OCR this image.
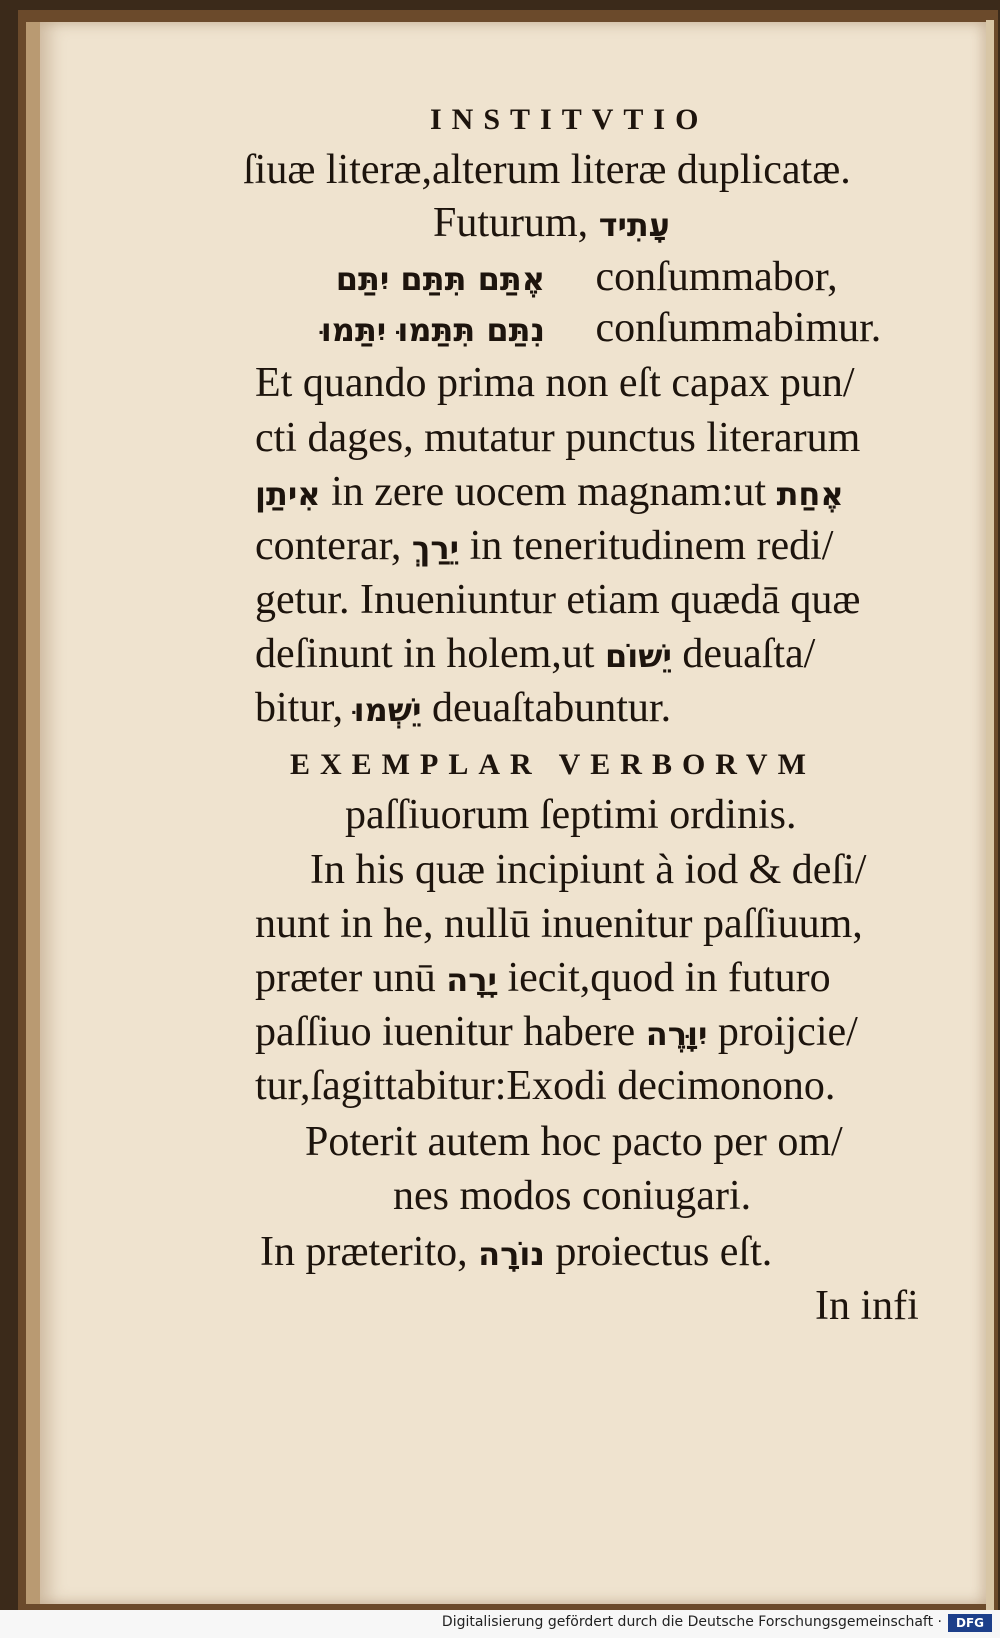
INSTITVTIO
ſiuæ literæ,alterum literæ duplicatæ.
Futurum, עָתִיד
אֶתַּם תִּתַּם יִתַּם conſummabor,
נִתַּם תִּתַּמוּ יִתַּמוּ conſummabimur.
Et quando prima non eſt capax pun/
cti dages, mutatur punctus literarum
אִיתַן in zere uocem magnam:ut אֶחַת
conterar, יֵרַךְ in teneritudinem redi/
getur. Inueniuntur etiam quædā quæ
deſinunt in holem,ut יֵשׁוֹם deuaſta/
bitur, יֵשְׁמוּ deuaſtabuntur.
EXEMPLAR VERBORVM
paſſiuorum ſeptimi ordinis.
In his quæ incipiunt à iod & deſi/
nunt in he, nullū inuenitur paſſiuum,
præter unū יָרָה iecit,quod in futuro
paſſiuo iuenitur habere יִוָּרֶה proijcie/
tur,ſagittabitur:Exodi decimonono.
Poterit autem hoc pacto per om/
nes modos coniugari.
In præterito, נוֹרָה proiectus eſt.
In infi
Digitalisierung gefördert durch die Deutsche Forschungsgemeinschaft ·	DFG
